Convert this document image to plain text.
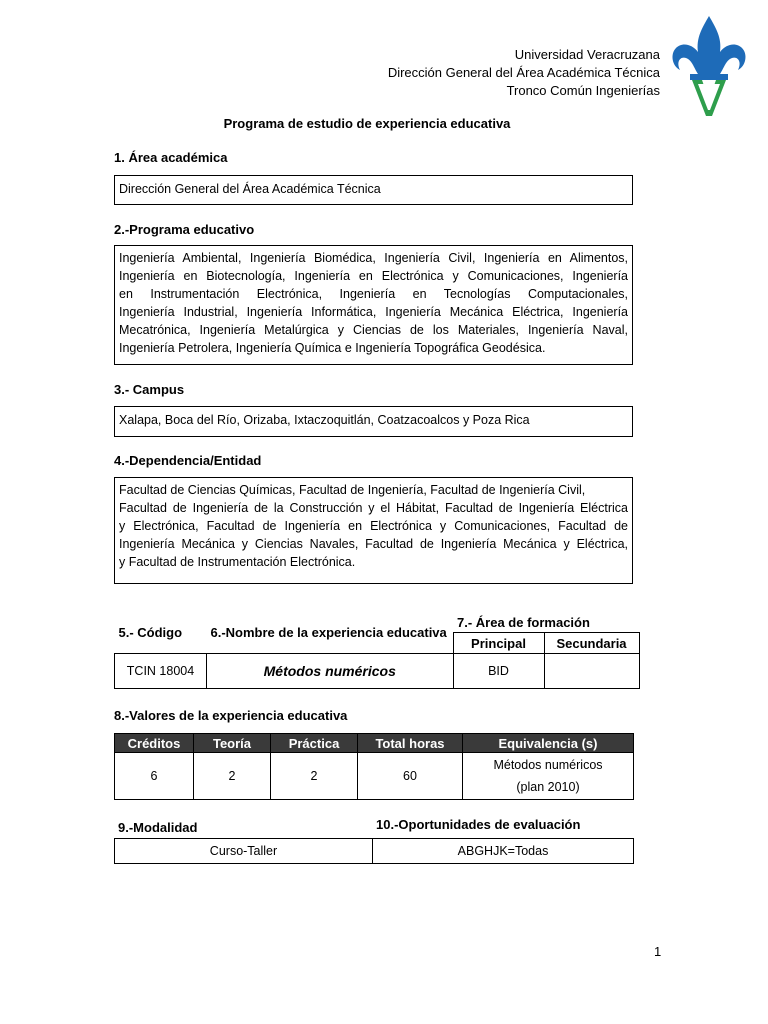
Universidad Veracruzana
Dirección General del Área Académica Técnica
Tronco Común Ingenierías
Programa de estudio de experiencia educativa
1. Área académica
Dirección General del Área Académica Técnica
2.-Programa educativo
Ingeniería Ambiental, Ingeniería Biomédica, Ingeniería Civil, Ingeniería en Alimentos,
Ingeniería en Biotecnología, Ingeniería en Electrónica y Comunicaciones, Ingeniería
en Instrumentación Electrónica, Ingeniería en Tecnologías Computacionales,
Ingeniería Industrial, Ingeniería Informática, Ingeniería Mecánica Eléctrica, Ingeniería
Mecatrónica, Ingeniería Metalúrgica y Ciencias de los Materiales, Ingeniería Naval,
Ingeniería Petrolera, Ingeniería Química e Ingeniería Topográfica Geodésica.
3.- Campus
Xalapa, Boca del Río, Orizaba, Ixtaczoquitlán, Coatzacoalcos y Poza Rica
4.-Dependencia/Entidad
Facultad de Ciencias Químicas, Facultad de Ingeniería, Facultad de Ingeniería Civil,
Facultad de Ingeniería de la Construcción y el Hábitat, Facultad de Ingeniería Eléctrica
y Electrónica, Facultad de Ingeniería en Electrónica y Comunicaciones, Facultad de
Ingeniería Mecánica y Ciencias Navales, Facultad de Ingeniería Mecánica y Eléctrica,
y Facultad de Instrumentación Electrónica.
5.- Código	6.-Nombre de la experiencia educativa	7.- Área de formación	
		Principal	Secundaria
TCIN 18004	Métodos numéricos	BID	
8.-Valores de la experiencia educativa
Créditos	Teoría	Práctica	Total horas	Equivalencia (s)
6	2	2	60	Métodos numéricos
(plan 2010)
9.-Modalidad	10.-Oportunidades de evaluación
Curso-Taller	ABGHJK=Todas
1
